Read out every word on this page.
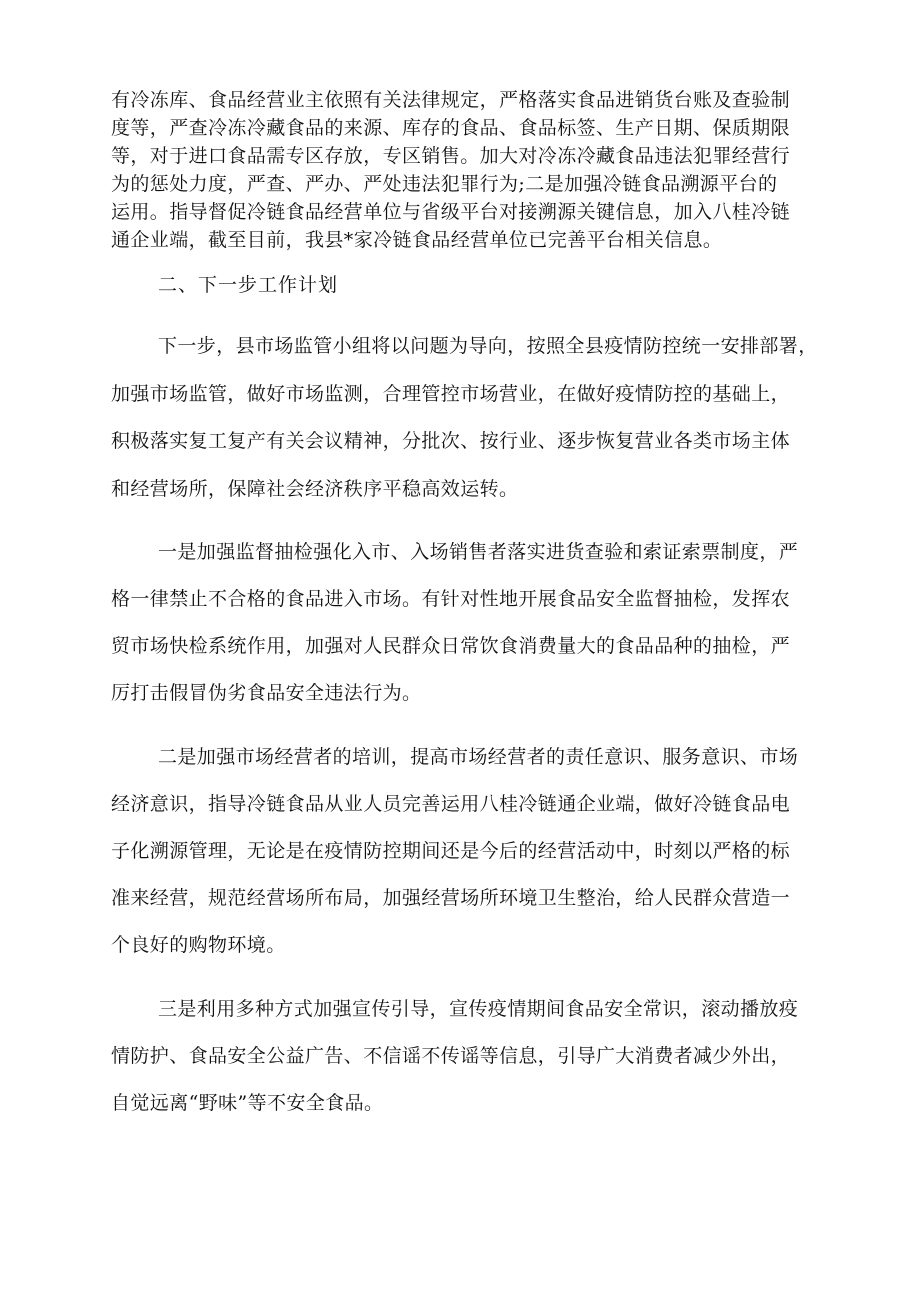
有冷冻库、食品经营业主依照有关法律规定，严格落实食品进销货台账及查验制
度等，严查冷冻冷藏食品的来源、库存的食品、食品标签、生产日期、保质期限
等，对于进口食品需专区存放，专区销售。加大对冷冻冷藏食品违法犯罪经营行
为的惩处力度，严查、严办、严处违法犯罪行为;二是加强冷链食品溯源平台的
运用。指导督促冷链食品经营单位与省级平台对接溯源关键信息，加入八桂冷链
通企业端，截至目前，我县*家冷链食品经营单位已完善平台相关信息。
二、下一步工作计划
下一步，县市场监管小组将以问题为导向，按照全县疫情防控统一安排部署，
加强市场监管，做好市场监测，合理管控市场营业，在做好疫情防控的基础上，
积极落实复工复产有关会议精神，分批次、按行业、逐步恢复营业各类市场主体
和经营场所，保障社会经济秩序平稳高效运转。
一是加强监督抽检强化入市、入场销售者落实进货查验和索证索票制度，严
格一律禁止不合格的食品进入市场。有针对性地开展食品安全监督抽检，发挥农
贸市场快检系统作用，加强对人民群众日常饮食消费量大的食品品种的抽检，严
厉打击假冒伪劣食品安全违法行为。
二是加强市场经营者的培训，提高市场经营者的责任意识、服务意识、市场
经济意识，指导冷链食品从业人员完善运用八桂冷链通企业端，做好冷链食品电
子化溯源管理，无论是在疫情防控期间还是今后的经营活动中，时刻以严格的标
准来经营，规范经营场所布局，加强经营场所环境卫生整治，给人民群众营造一
个良好的购物环境。
三是利用多种方式加强宣传引导，宣传疫情期间食品安全常识，滚动播放疫
情防护、食品安全公益广告、不信谣不传谣等信息，引导广大消费者减少外出，
自觉远离“野味”等不安全食品。
